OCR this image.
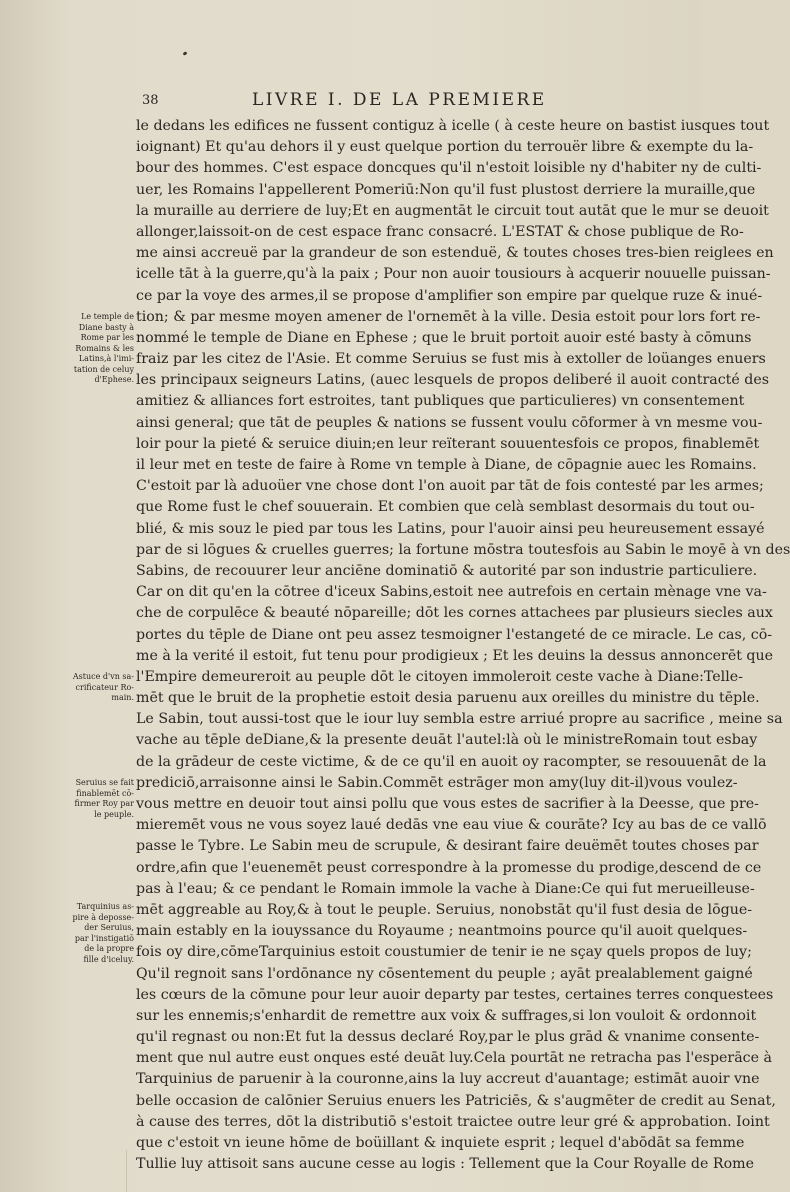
38	LIVRE I. DE LA PREMIERE
Le temple de
Diane basty à
Rome par les
Romains & les
Latins,à l'imi-
tation de celuy
d'Ephese.
Astuce d'vn sa-
crificateur Ro-
main.
Seruius se fait
finablemēt cō-
firmer Roy par
le peuple.
Tarquinius as-
pire à deposse-
der Seruius,
par l'instigatiō
de la propre
fille d'iceluy.
le dedans les edifices ne fussent contiguz à icelle ( à ceste heure on bastist iusques tout
ioignant) Et qu'au dehors il y eust quelque portion du terrouër libre & exempte du la-
bour des hommes. C'est espace doncques qu'il n'estoit loisible ny d'habiter ny de culti-
uer, les Romains l'appellerent Pomeriū:Non qu'il fust plustost derriere la muraille,que
la muraille au derriere de luy;Et en augmentāt le circuit tout autāt que le mur se deuoit
allonger,laissoit-on de cest espace franc consacré. L'ESTAT & chose publique de Ro-
me ainsi accreuë par la grandeur de son estenduë, & toutes choses tres-bien reiglees en
icelle tāt à la guerre,qu'à la paix ; Pour non auoir tousiours à acquerir nouuelle puissan-
ce par la voye des armes,il se propose d'amplifier son empire par quelque ruze & inué-
tion; & par mesme moyen amener de l'ornemēt à la ville. Desia estoit pour lors fort re-
nommé le temple de Diane en Ephese ; que le bruit portoit auoir esté basty à cōmuns
fraiz par les citez de l'Asie. Et comme Seruius se fust mis à extoller de loüanges enuers
les principaux seigneurs Latins, (auec lesquels de propos deliberé il auoit contracté des
amitiez & alliances fort estroites, tant publiques que particulieres) vn consentement
ainsi general; que tāt de peuples & nations se fussent voulu cōformer à vn mesme vou-
loir pour la pieté & seruice diuin;en leur reïterant souuentesfois ce propos, finablemēt
il leur met en teste de faire à Rome vn temple à Diane, de cōpagnie auec les Romains.
C'estoit par là aduoüer vne chose dont l'on auoit par tāt de fois contesté par les armes;
que Rome fust le chef souuerain. Et combien que celà semblast desormais du tout ou-
blié, & mis souz le pied par tous les Latins, pour l'auoir ainsi peu heureusement essayé
par de si lōgues & cruelles guerres; la fortune mōstra toutesfois au Sabin le moyē à vn des
Sabins, de recouurer leur anciēne dominatiō & autorité par son industrie particuliere.
Car on dit qu'en la cōtree d'iceux Sabins,estoit nee autrefois en certain mènage vne va-
che de corpulēce & beauté nōpareille; dōt les cornes attachees par plusieurs siecles aux
portes du tēple de Diane ont peu assez tesmoigner l'estangeté de ce miracle. Le cas, cō-
me à la verité il estoit, fut tenu pour prodigieux ; Et les deuins la dessus annoncerēt que
l'Empire demeureroit au peuple dōt le citoyen immoleroit ceste vache à Diane:Telle-
mēt que le bruit de la prophetie estoit desia paruenu aux oreilles du ministre du tēple.
Le Sabin, tout aussi-tost que le iour luy sembla estre arriué propre au sacrifice , meine sa
vache au tēple deDiane,& la presente deuāt l'autel:là où le ministreRomain tout esbay
de la grādeur de ceste victime, & de ce qu'il en auoit oy racompter, se resouuenāt de la
prediciō,arraisonne ainsi le Sabin.Commēt estrāger mon amy(luy dit-il)vous voulez-
vous mettre en deuoir tout ainsi pollu que vous estes de sacrifier à la Deesse, que pre-
mieremēt vous ne vous soyez laué dedās vne eau viue & courāte? Icy au bas de ce vallō
passe le Tybre. Le Sabin meu de scrupule, & desirant faire deuëmēt toutes choses par
ordre,afin que l'euenemēt peust correspondre à la promesse du prodige,descend de ce
pas à l'eau; & ce pendant le Romain immole la vache à Diane:Ce qui fut merueilleuse-
mēt aggreable au Roy,& à tout le peuple. Seruius, nonobstāt qu'il fust desia de lōgue-
main estably en la iouyssance du Royaume ; neantmoins pource qu'il auoit quelques-
fois oy dire,cōmeTarquinius estoit coustumier de tenir ie ne sçay quels propos de luy;
Qu'il regnoit sans l'ordōnance ny cōsentement du peuple ; ayāt prealablement gaigné
les cœurs de la cōmune pour leur auoir departy par testes, certaines terres conquestees
sur les ennemis;s'enhardit de remettre aux voix & suffrages,si lon vouloit & ordonnoit
qu'il regnast ou non:Et fut la dessus declaré Roy,par le plus grād & vnanime consente-
ment que nul autre eust onques esté deuāt luy.Cela pourtāt ne retracha pas l'esperāce à
Tarquinius de paruenir à la couronne,ains la luy accreut d'auantage; estimāt auoir vne
belle occasion de calōnier Seruius enuers les Patriciēs, & s'augmēter de credit au Senat,
à cause des terres, dōt la distributiō s'estoit traictee outre leur gré & approbation. Ioint
que c'estoit vn ieune hōme de boüillant & inquiete esprit ; lequel d'abōdāt sa femme
Tullie luy attisoit sans aucune cesse au logis : Tellement que la Cour Royalle de Rome
